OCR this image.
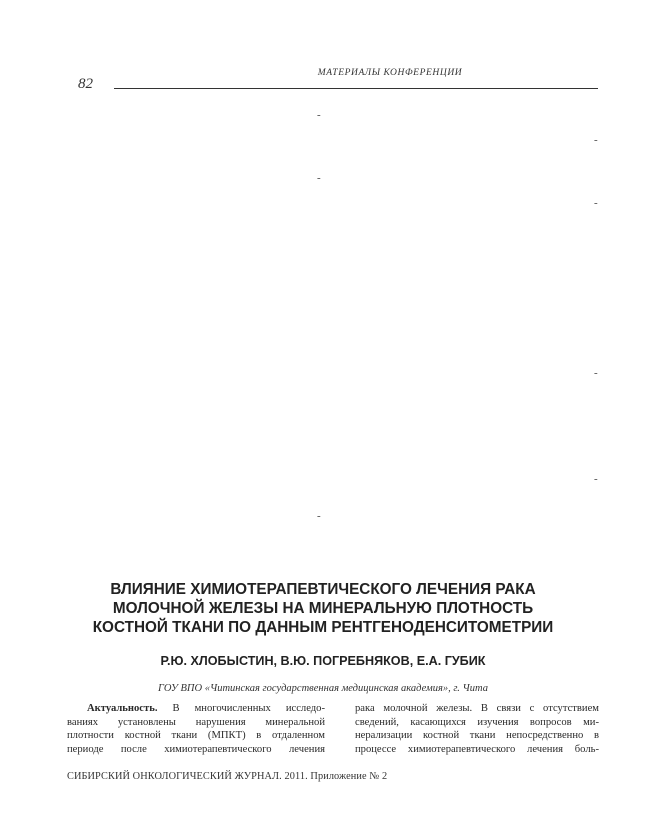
МАТЕРИАЛЫ КОНФЕРЕНЦИИ
82
-
-
-
-
-
-
-
ВЛИЯНИЕ ХИМИОТЕРАПЕВТИЧЕСКОГО ЛЕЧЕНИЯ РАКА
МОЛОЧНОЙ ЖЕЛЕЗЫ НА МИНЕРАЛЬНУЮ ПЛОТНОСТЬ
КОСТНОЙ ТКАНИ ПО ДАННЫМ РЕНТГЕНОДЕНСИТОМЕТРИИ
Р.Ю. ХЛОБЫСТИН, В.Ю. ПОГРЕБНЯКОВ, Е.А. ГУБИК
ГОУ ВПО «Читинская государственная медицинская академия», г. Чита
Актуальность. В многочисленных исследо-
ваниях установлены нарушения минеральной
плотности костной ткани (МПКТ) в отдаленном
периоде после химиотерапевтического лечения
рака молочной железы. В связи с отсутствием
сведений, касающихся изучения вопросов ми-
нерализации костной ткани непосредственно в
процессе химиотерапевтического лечения боль-
СИБИРСКИЙ ОНКОЛОГИЧЕСКИЙ ЖУРНАЛ. 2011. Приложение № 2
